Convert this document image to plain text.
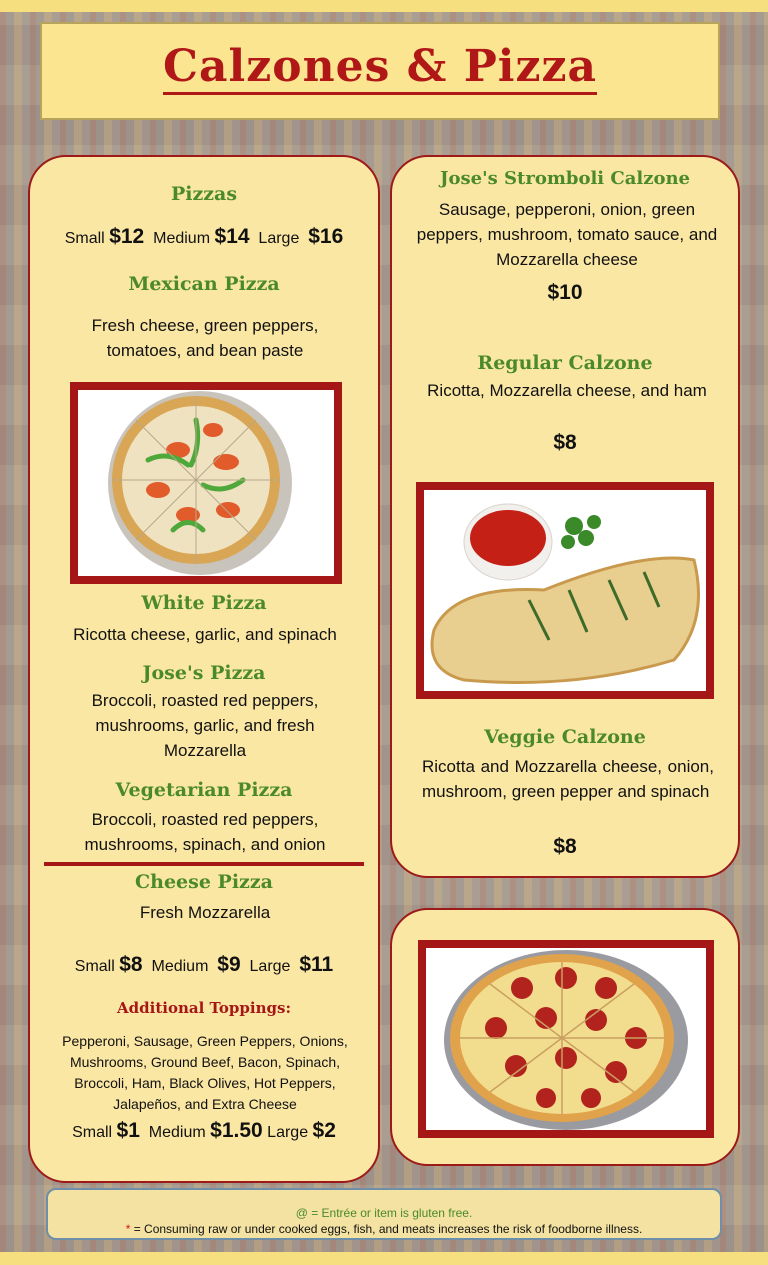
Calzones & Pizza
Pizzas
Small $12 Medium $14 Large $16
Mexican Pizza
Fresh cheese, green peppers, tomatoes, and bean paste
White Pizza
Ricotta cheese, garlic, and spinach
Jose's Pizza
Broccoli, roasted red peppers, mushrooms, garlic, and fresh Mozzarella
Vegetarian Pizza
Broccoli, roasted red peppers, mushrooms, spinach, and onion
Cheese Pizza
Fresh Mozzarella
Small $8 Medium $9 Large $11
Additional Toppings:
Pepperoni, Sausage, Green Peppers, Onions, Mushrooms, Ground Beef, Bacon, Spinach, Broccoli, Ham, Black Olives, Hot Peppers, Jalapeños, and Extra Cheese
Small $1 Medium $1.50 Large $2
Jose's Stromboli Calzone
Sausage, pepperoni, onion, green peppers, mushroom, tomato sauce, and Mozzarella cheese
$10
Regular Calzone
Ricotta, Mozzarella cheese, and ham
$8
Veggie Calzone
Ricotta and Mozzarella cheese, onion, mushroom, green pepper and spinach
$8
@ = Entrée or item is gluten free.
* = Consuming raw or under cooked eggs, fish, and meats increases the risk of foodborne illness.
